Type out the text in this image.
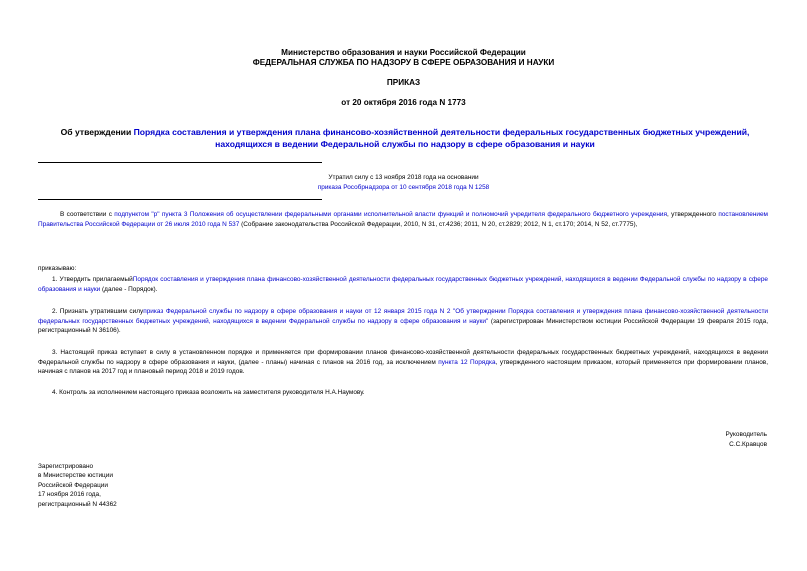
Министерство образования и науки Российской Федерации
ФЕДЕРАЛЬНАЯ СЛУЖБА ПО НАДЗОРУ В СФЕРЕ ОБРАЗОВАНИЯ И НАУКИ
ПРИКАЗ
от 20 октября 2016 года N 1773
Об утверждении Порядка составления и утверждения плана финансово-хозяйственной деятельности федеральных государственных бюджетных учреждений, находящихся в ведении Федеральной службы по надзору в сфере образования и науки
Утратил силу с 13 ноября 2018 года на основании
приказа Рособрнадзора от 10 сентября 2018 года N 1258
В соответствии с подпунктом "р" пункта 3 Положения об осуществлении федеральными органами исполнительной власти функций и полномочий учредителя федерального бюджетного учреждения, утвержденного постановлением Правительства Российской Федерации от 26 июля 2010 года N 537 (Собрание законодательства Российской Федерации, 2010, N 31, ст.4236; 2011, N 20, ст.2829; 2012, N 1, ст.170; 2014, N 52, ст.7775),
приказываю:
1. Утвердить прилагаемыйПорядок составления и утверждения плана финансово-хозяйственной деятельности федеральных государственных бюджетных учреждений, находящихся в ведении Федеральной службы по надзору в сфере образования и науки (далее - Порядок).
2. Признать утратившим силуприказ Федеральной службы по надзору в сфере образования и науки от 12 января 2015 года N 2 "Об утверждении Порядка составления и утверждения плана финансово-хозяйственной деятельности федеральных государственных бюджетных учреждений, находящихся в ведении Федеральной службы по надзору в сфере образования и науки" (зарегистрирован Министерством юстиции Российской Федерации 19 февраля 2015 года, регистрационный N 36106).
3. Настоящий приказ вступает в силу в установленном порядке и применяется при формировании планов финансово-хозяйственной деятельности федеральных государственных бюджетных учреждений, находящихся в ведении Федеральной службы по надзору в сфере образования и науки, (далее - планы) начиная с планов на 2016 год, за исключением пункта 12 Порядка, утвержденного настоящим приказом, который применяется при формировании планов, начиная с планов на 2017 год и плановый период 2018 и 2019 годов.
4. Контроль за исполнением настоящего приказа возложить на заместителя руководителя Н.А.Наумову.
Руководитель
С.С.Кравцов
Зарегистрировано
в Министерстве юстиции
Российской Федерации
17 ноября 2016 года,
регистрационный N 44362
